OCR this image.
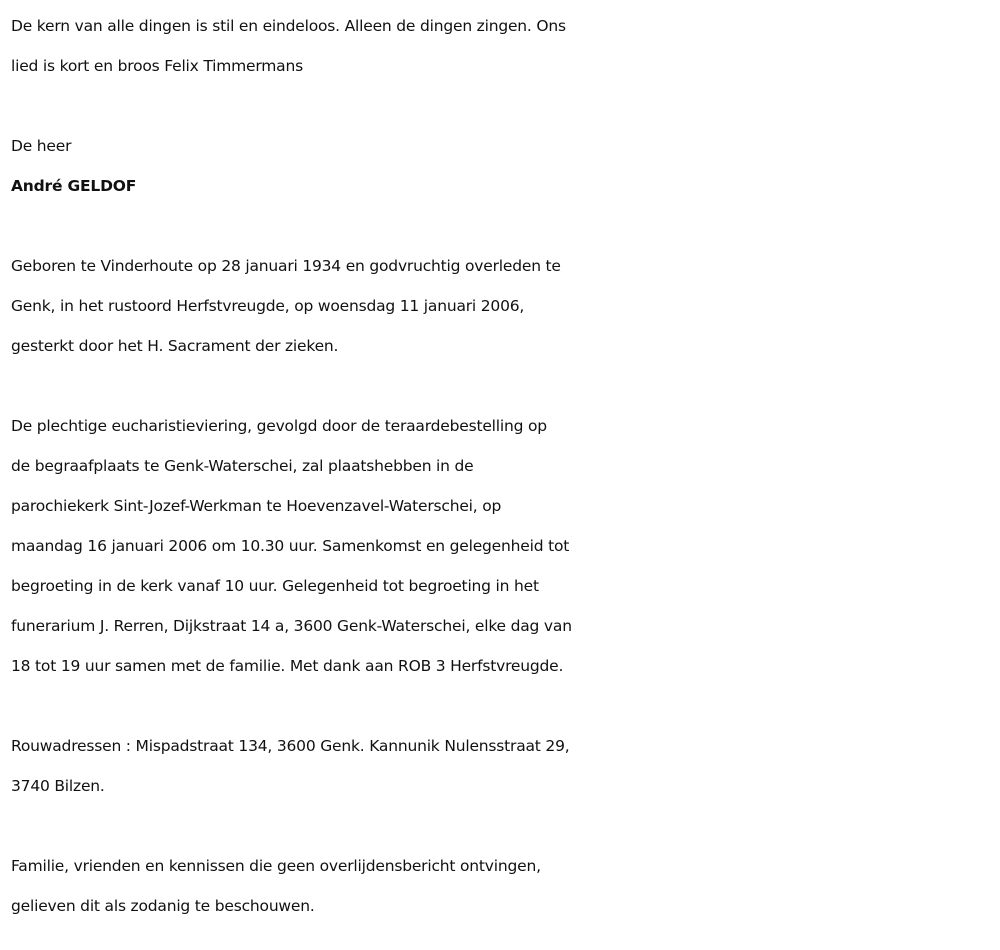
De kern van alle dingen is stil en eindeloos. Alleen de dingen zingen. Ons

lied is kort en broos Felix Timmermans

De heer

André GELDOF

Geboren te Vinderhoute op 28 januari 1934 en godvruchtig overleden te

Genk, in het rustoord Herfstvreugde, op woensdag 11 januari 2006,

gesterkt door het H. Sacrament der zieken.

De plechtige eucharistieviering, gevolgd door de teraardebestelling op

de begraafplaats te Genk-Waterschei, zal plaatshebben in de

parochiekerk Sint-Jozef-Werkman te Hoevenzavel-Waterschei, op

maandag 16 januari 2006 om 10.30 uur. Samenkomst en gelegenheid tot

begroeting in de kerk vanaf 10 uur. Gelegenheid tot begroeting in het

funerarium J. Rerren, Dijkstraat 14 a, 3600 Genk-Waterschei, elke dag van

18 tot 19 uur samen met de familie. Met dank aan ROB 3 Herfstvreugde.

Rouwadressen : Mispadstraat 134, 3600 Genk. Kannunik Nulensstraat 29,

3740 Bilzen.

Familie, vrienden en kennissen die geen overlijdensbericht ontvingen,

gelieven dit als zodanig te beschouwen.
